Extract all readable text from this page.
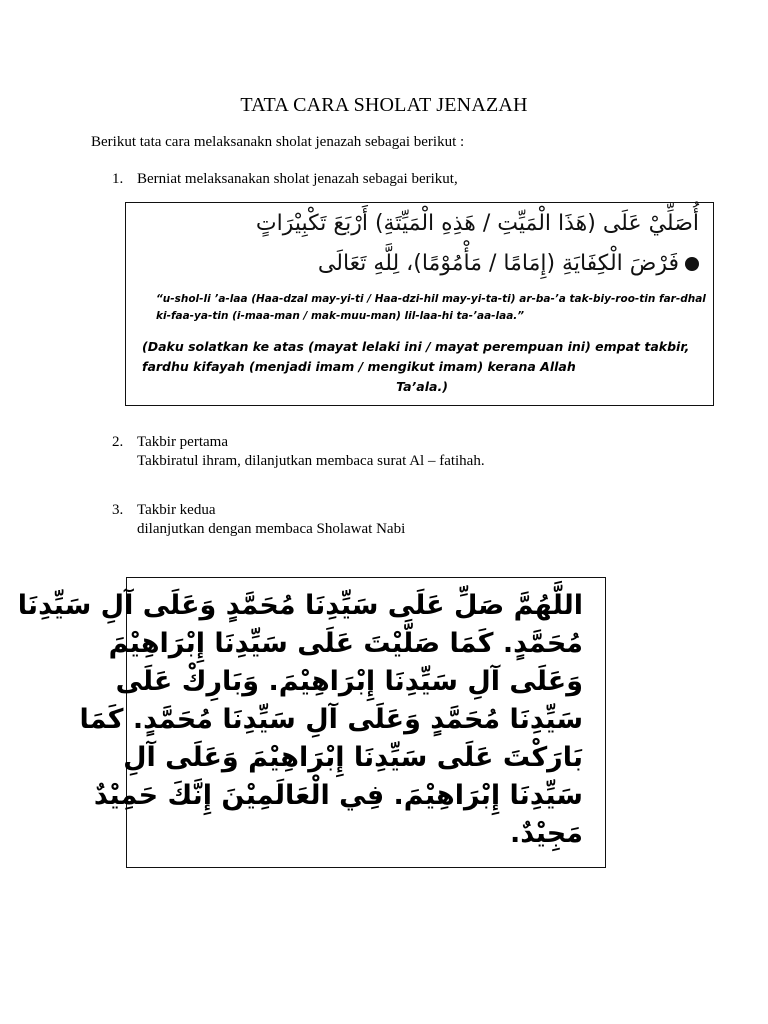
TATA CARA SHOLAT JENAZAH
Berikut tata cara melaksanakn sholat jenazah sebagai berikut :
1. Berniat melaksanakan sholat jenazah sebagai berikut,
أُصَلِّيْ عَلَى (هَذَا الْمَيِّتِ / هَذِهِ الْمَيِّتَةِ) أَرْبَعَ تَكْبِيْرَاتٍ
فَرْضَ الْكِفَايَةِ (إِمَامًا / مَأْمُوْمًا)، لِلَّهِ تَعَالَى
“u-shol-li ’a-laa (Haa-dzal may-yi-ti / Haa-dzi-hil may-yi-ta-ti) ar-ba-’a tak-biy-roo-tin far-dhal ki-faa-ya-tin (i-maa-man / mak-muu-man) lil-laa-hi ta-’aa-laa.”
(Daku solatkan ke atas (mayat lelaki ini / mayat perempuan ini) empat takbir, fardhu kifayah (menjadi imam / mengikut imam) kerana Allah
Ta’ala.)
2. Takbir pertama
Takbiratul ihram, dilanjutkan membaca surat Al – fatihah.
3. Takbir kedua
dilanjutkan dengan membaca Sholawat Nabi
اللَّهُمَّ صَلِّ عَلَى سَيِّدِنَا مُحَمَّدٍ وَعَلَى آلِ سَيِّدِنَا
مُحَمَّدٍ. كَمَا صَلَّيْتَ عَلَى سَيِّدِنَا إِبْرَاهِيْمَ
وَعَلَى آلِ سَيِّدِنَا إِبْرَاهِيْمَ. وَبَارِكْ عَلَى
سَيِّدِنَا مُحَمَّدٍ وَعَلَى آلِ سَيِّدِنَا مُحَمَّدٍ. كَمَا
بَارَكْتَ عَلَى سَيِّدِنَا إِبْرَاهِيْمَ وَعَلَى آلِ
سَيِّدِنَا إِبْرَاهِيْمَ. فِي الْعَالَمِيْنَ إِنَّكَ حَمِيْدٌ
مَجِيْدٌ.
